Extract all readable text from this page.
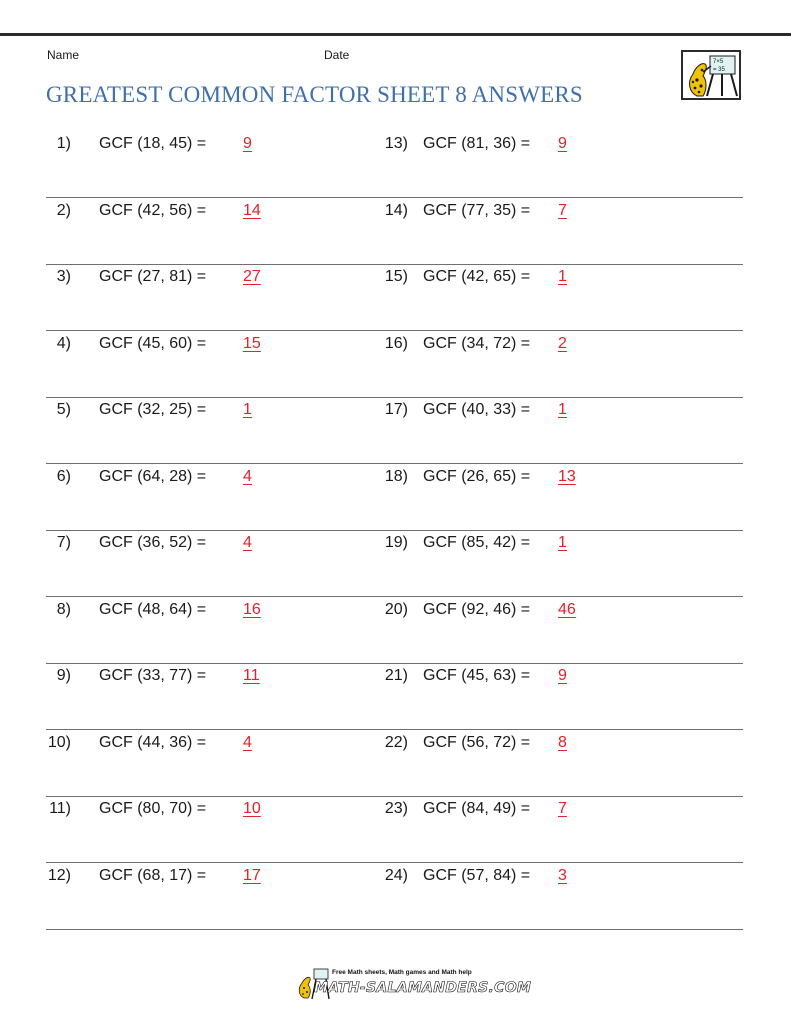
Name	Date
GREATEST COMMON FACTOR SHEET 8 ANSWERS
7×5
= 35
1) GCF (18, 45) = 9	13) GCF (81, 36) = 9
2) GCF (42, 56) = 14	14) GCF (77, 35) = 7
3) GCF (27, 81) = 27	15) GCF (42, 65) = 1
4) GCF (45, 60) = 15	16) GCF (34, 72) = 2
5) GCF (32, 25) = 1	17) GCF (40, 33) = 1
6) GCF (64, 28) = 4	18) GCF (26, 65) = 13
7) GCF (36, 52) = 4	19) GCF (85, 42) = 1
8) GCF (48, 64) = 16	20) GCF (92, 46) = 46
9) GCF (33, 77) = 11	21) GCF (45, 63) = 9
10) GCF (44, 36) = 4	22) GCF (56, 72) = 8
11) GCF (80, 70) = 10	23) GCF (84, 49) = 7
12) GCF (68, 17) = 17	24) GCF (57, 84) = 3
Free Math sheets, Math games and Math help
MATH-SALAMANDERS.COM
